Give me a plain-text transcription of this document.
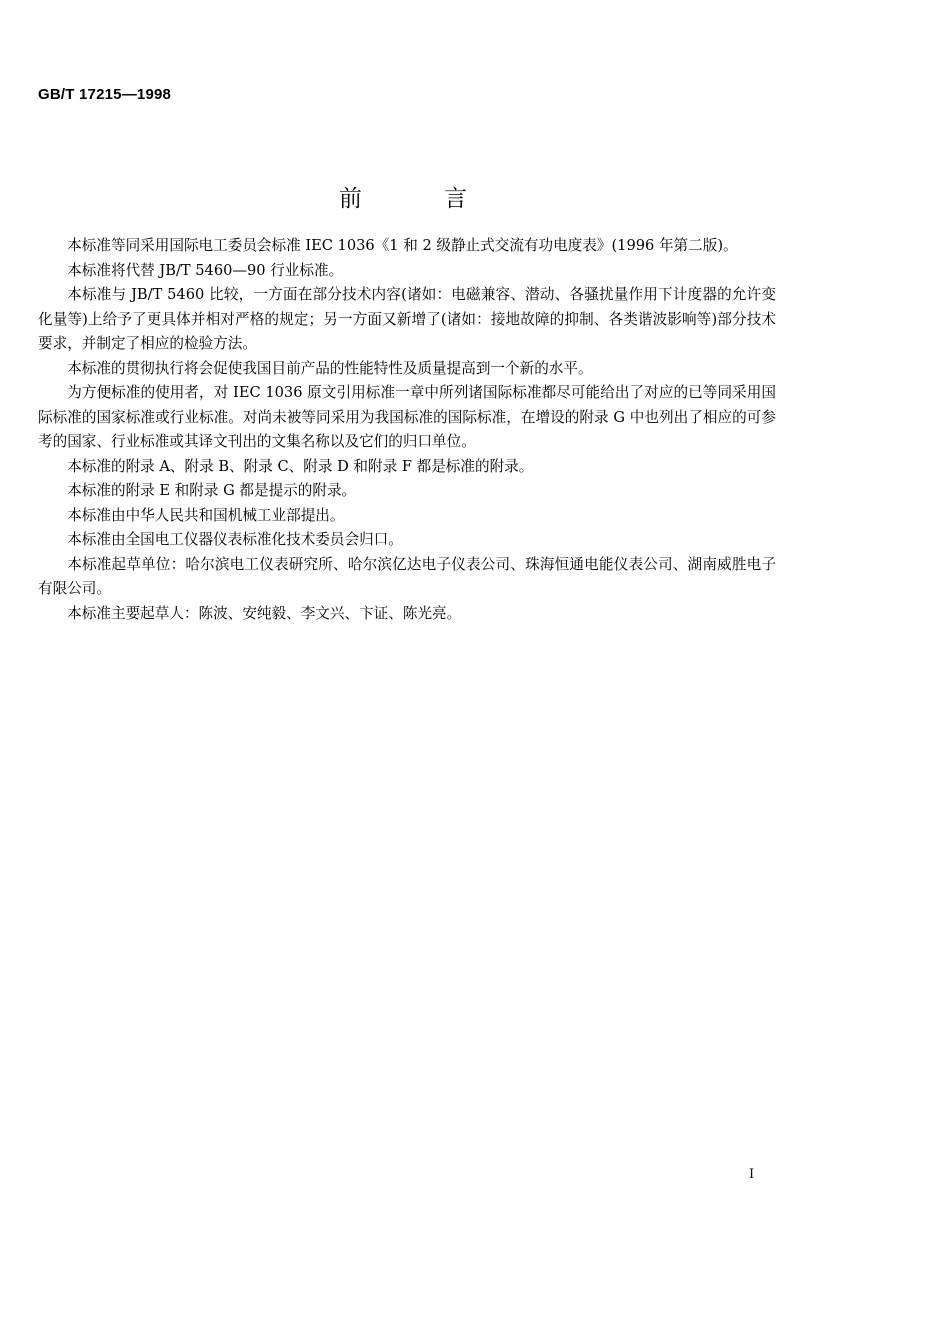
GB/T 17215—1998
前言

本标准等同采用国际电工委员会标准 IEC 1036《1 和 2 级静止式交流有功电度表》(1996 年第二版)。

本标准将代替 JB/T 5460—90 行业标准。

本标准与 JB/T 5460 比较，一方面在部分技术内容(诸如：电磁兼容、潜动、各骚扰量作用下计度器的允许变化量等)上给予了更具体并相对严格的规定；另一方面又新增了(诸如：接地故障的抑制、各类谐波影响等)部分技术要求，并制定了相应的检验方法。

本标准的贯彻执行将会促使我国目前产品的性能特性及质量提高到一个新的水平。

为方便标准的使用者，对 IEC 1036 原文引用标准一章中所列诸国际标准都尽可能给出了对应的已等同采用国际标准的国家标准或行业标准。对尚未被等同采用为我国标准的国际标准，在增设的附录 G 中也列出了相应的可参考的国家、行业标准或其译文刊出的文集名称以及它们的归口单位。

本标准的附录 A、附录 B、附录 C、附录 D 和附录 F 都是标准的附录。

本标准的附录 E 和附录 G 都是提示的附录。

本标准由中华人民共和国机械工业部提出。

本标准由全国电工仪器仪表标准化技术委员会归口。

本标准起草单位：哈尔滨电工仪表研究所、哈尔滨亿达电子仪表公司、珠海恒通电能仪表公司、湖南威胜电子有限公司。

本标准主要起草人：陈波、安纯毅、李文兴、卞证、陈光亮。

I
